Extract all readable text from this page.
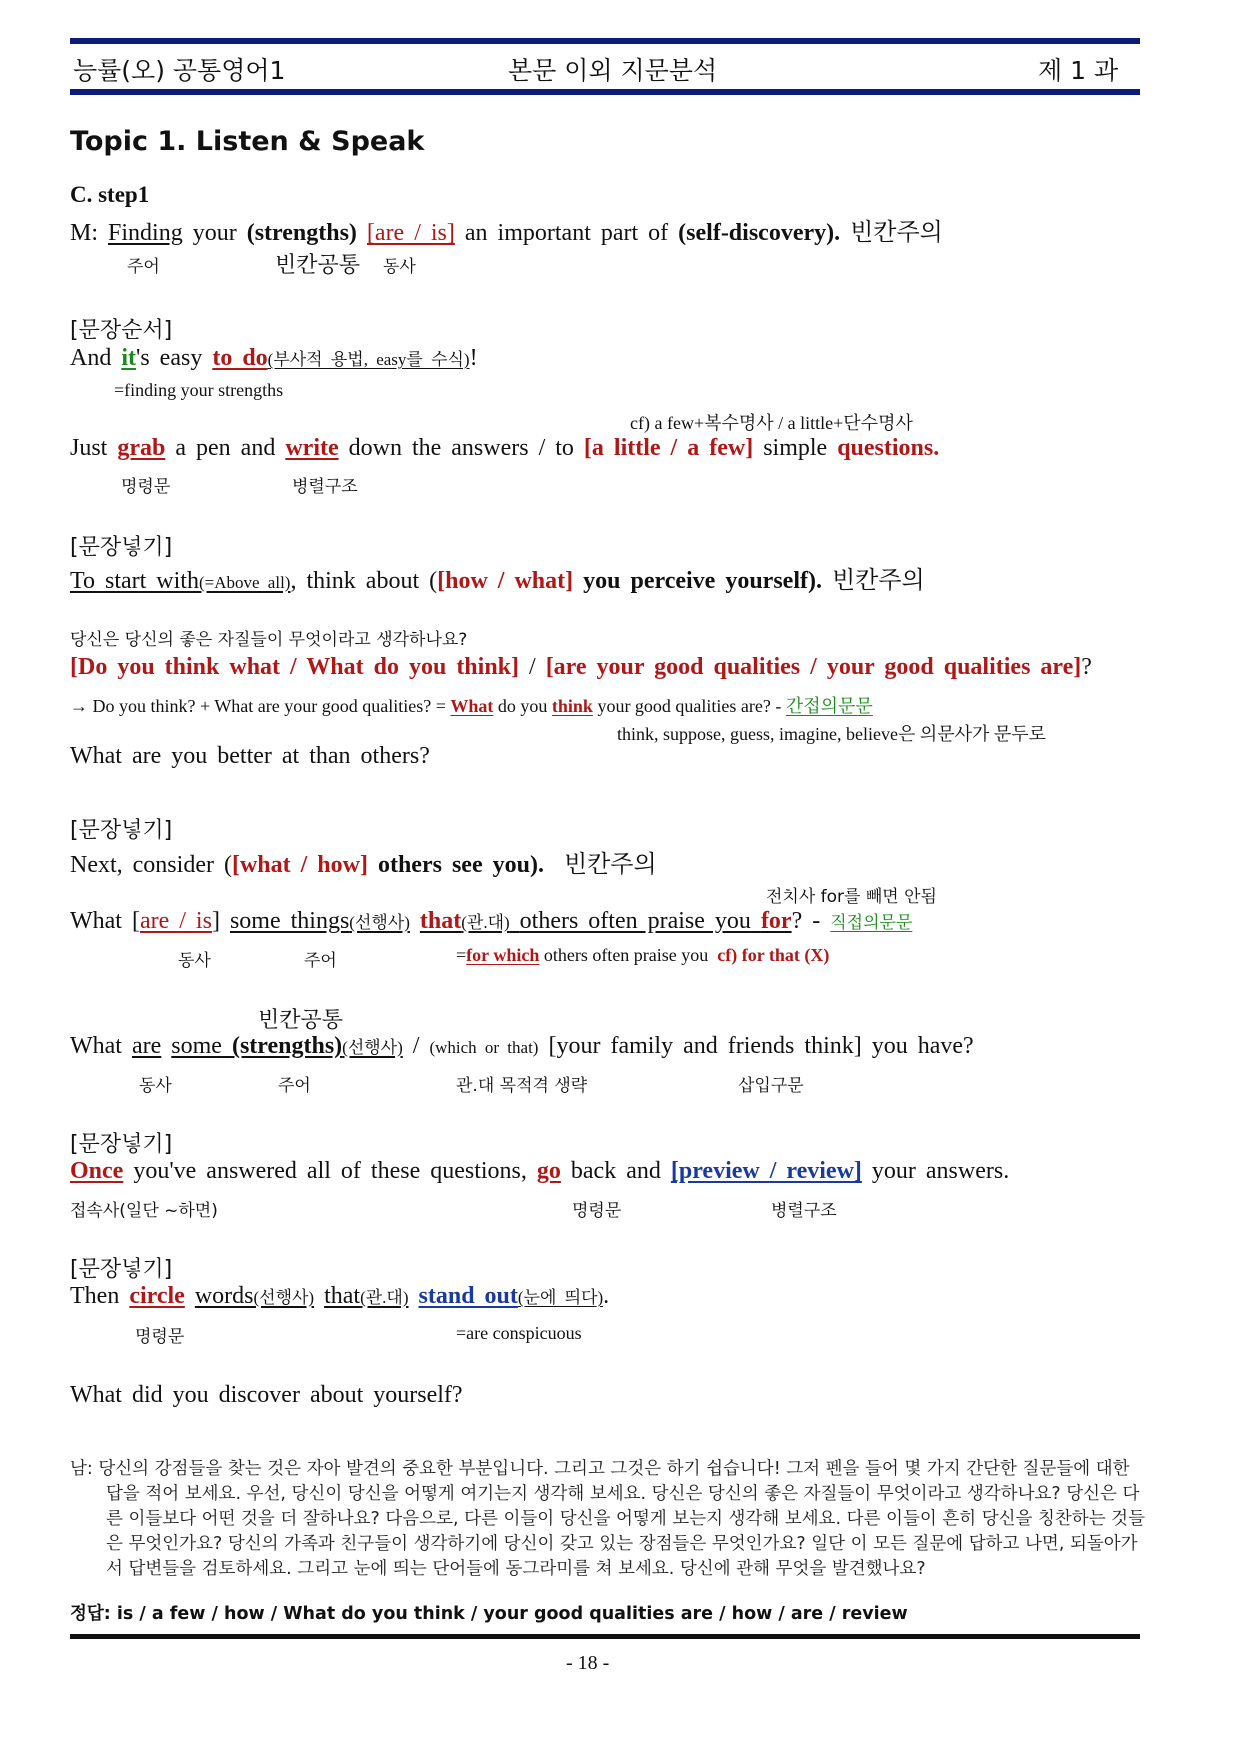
능률(오) 공통영어1	본문 이외 지문분석	제 1 과
Topic 1. Listen & Speak
C. step1
M: Finding your (strengths) [are / is] an important part of (self-discovery). 빈칸주의
주어	빈칸공통 동사
[문장순서]
And it's easy to do(부사적 용법, easy를 수식)!
=finding your strengths
cf) a few+복수명사 / a little+단수명사
Just grab a pen and write down the answers / to [a little / a few] simple questions.
명령문	병렬구조
[문장넣기]
To start with(=Above all), think about ([how / what] you perceive yourself). 빈칸주의
당신은 당신의 좋은 자질들이 무엇이라고 생각하나요?
[Do you think what / What do you think] / [are your good qualities / your good qualities are]?
→ Do you think? + What are your good qualities? = What do you think your good qualities are? - 간접의문문
think, suppose, guess, imagine, believe은 의문사가 문두로
What are you better at than others?
[문장넣기]
Next, consider ([what / how] others see you). 빈칸주의
전치사 for를 빼면 안됨
What [are / is] some things(선행사) that(관.대) others often praise you for? - 직접의문문
동사	주어	=for which others often praise you cf) for that (X)
빈칸공통
What are some (strengths)(선행사) / (which or that) [your family and friends think] you have?
동사	주어	관.대 목적격 생략	삽입구문
[문장넣기]
Once you've answered all of these questions, go back and [preview / review] your answers.
접속사(일단 ~하면)	명령문	병렬구조
[문장넣기]
Then circle words(선행사) that(관.대) stand out(눈에 띄다).
명령문	=are conspicuous
What did you discover about yourself?
남: 당신의 강점들을 찾는 것은 자아 발견의 중요한 부분입니다. 그리고 그것은 하기 쉽습니다! 그저 펜을 들어 몇 가지 간단한 질문들에 대한 답을 적어 보세요. 우선, 당신이 당신을 어떻게 여기는지 생각해 보세요. 당신은 당신의 좋은 자질들이 무엇이라고 생각하나요? 당신은 다른 이들보다 어떤 것을 더 잘하나요? 다음으로, 다른 이들이 당신을 어떻게 보는지 생각해 보세요. 다른 이들이 흔히 당신을 칭찬하는 것들은 무엇인가요? 당신의 가족과 친구들이 생각하기에 당신이 갖고 있는 장점들은 무엇인가요? 일단 이 모든 질문에 답하고 나면, 되돌아가서 답변들을 검토하세요. 그리고 눈에 띄는 단어들에 동그라미를 쳐 보세요. 당신에 관해 무엇을 발견했나요?
정답: is / a few / how / What do you think / your good qualities are / how / are / review
- 18 -
